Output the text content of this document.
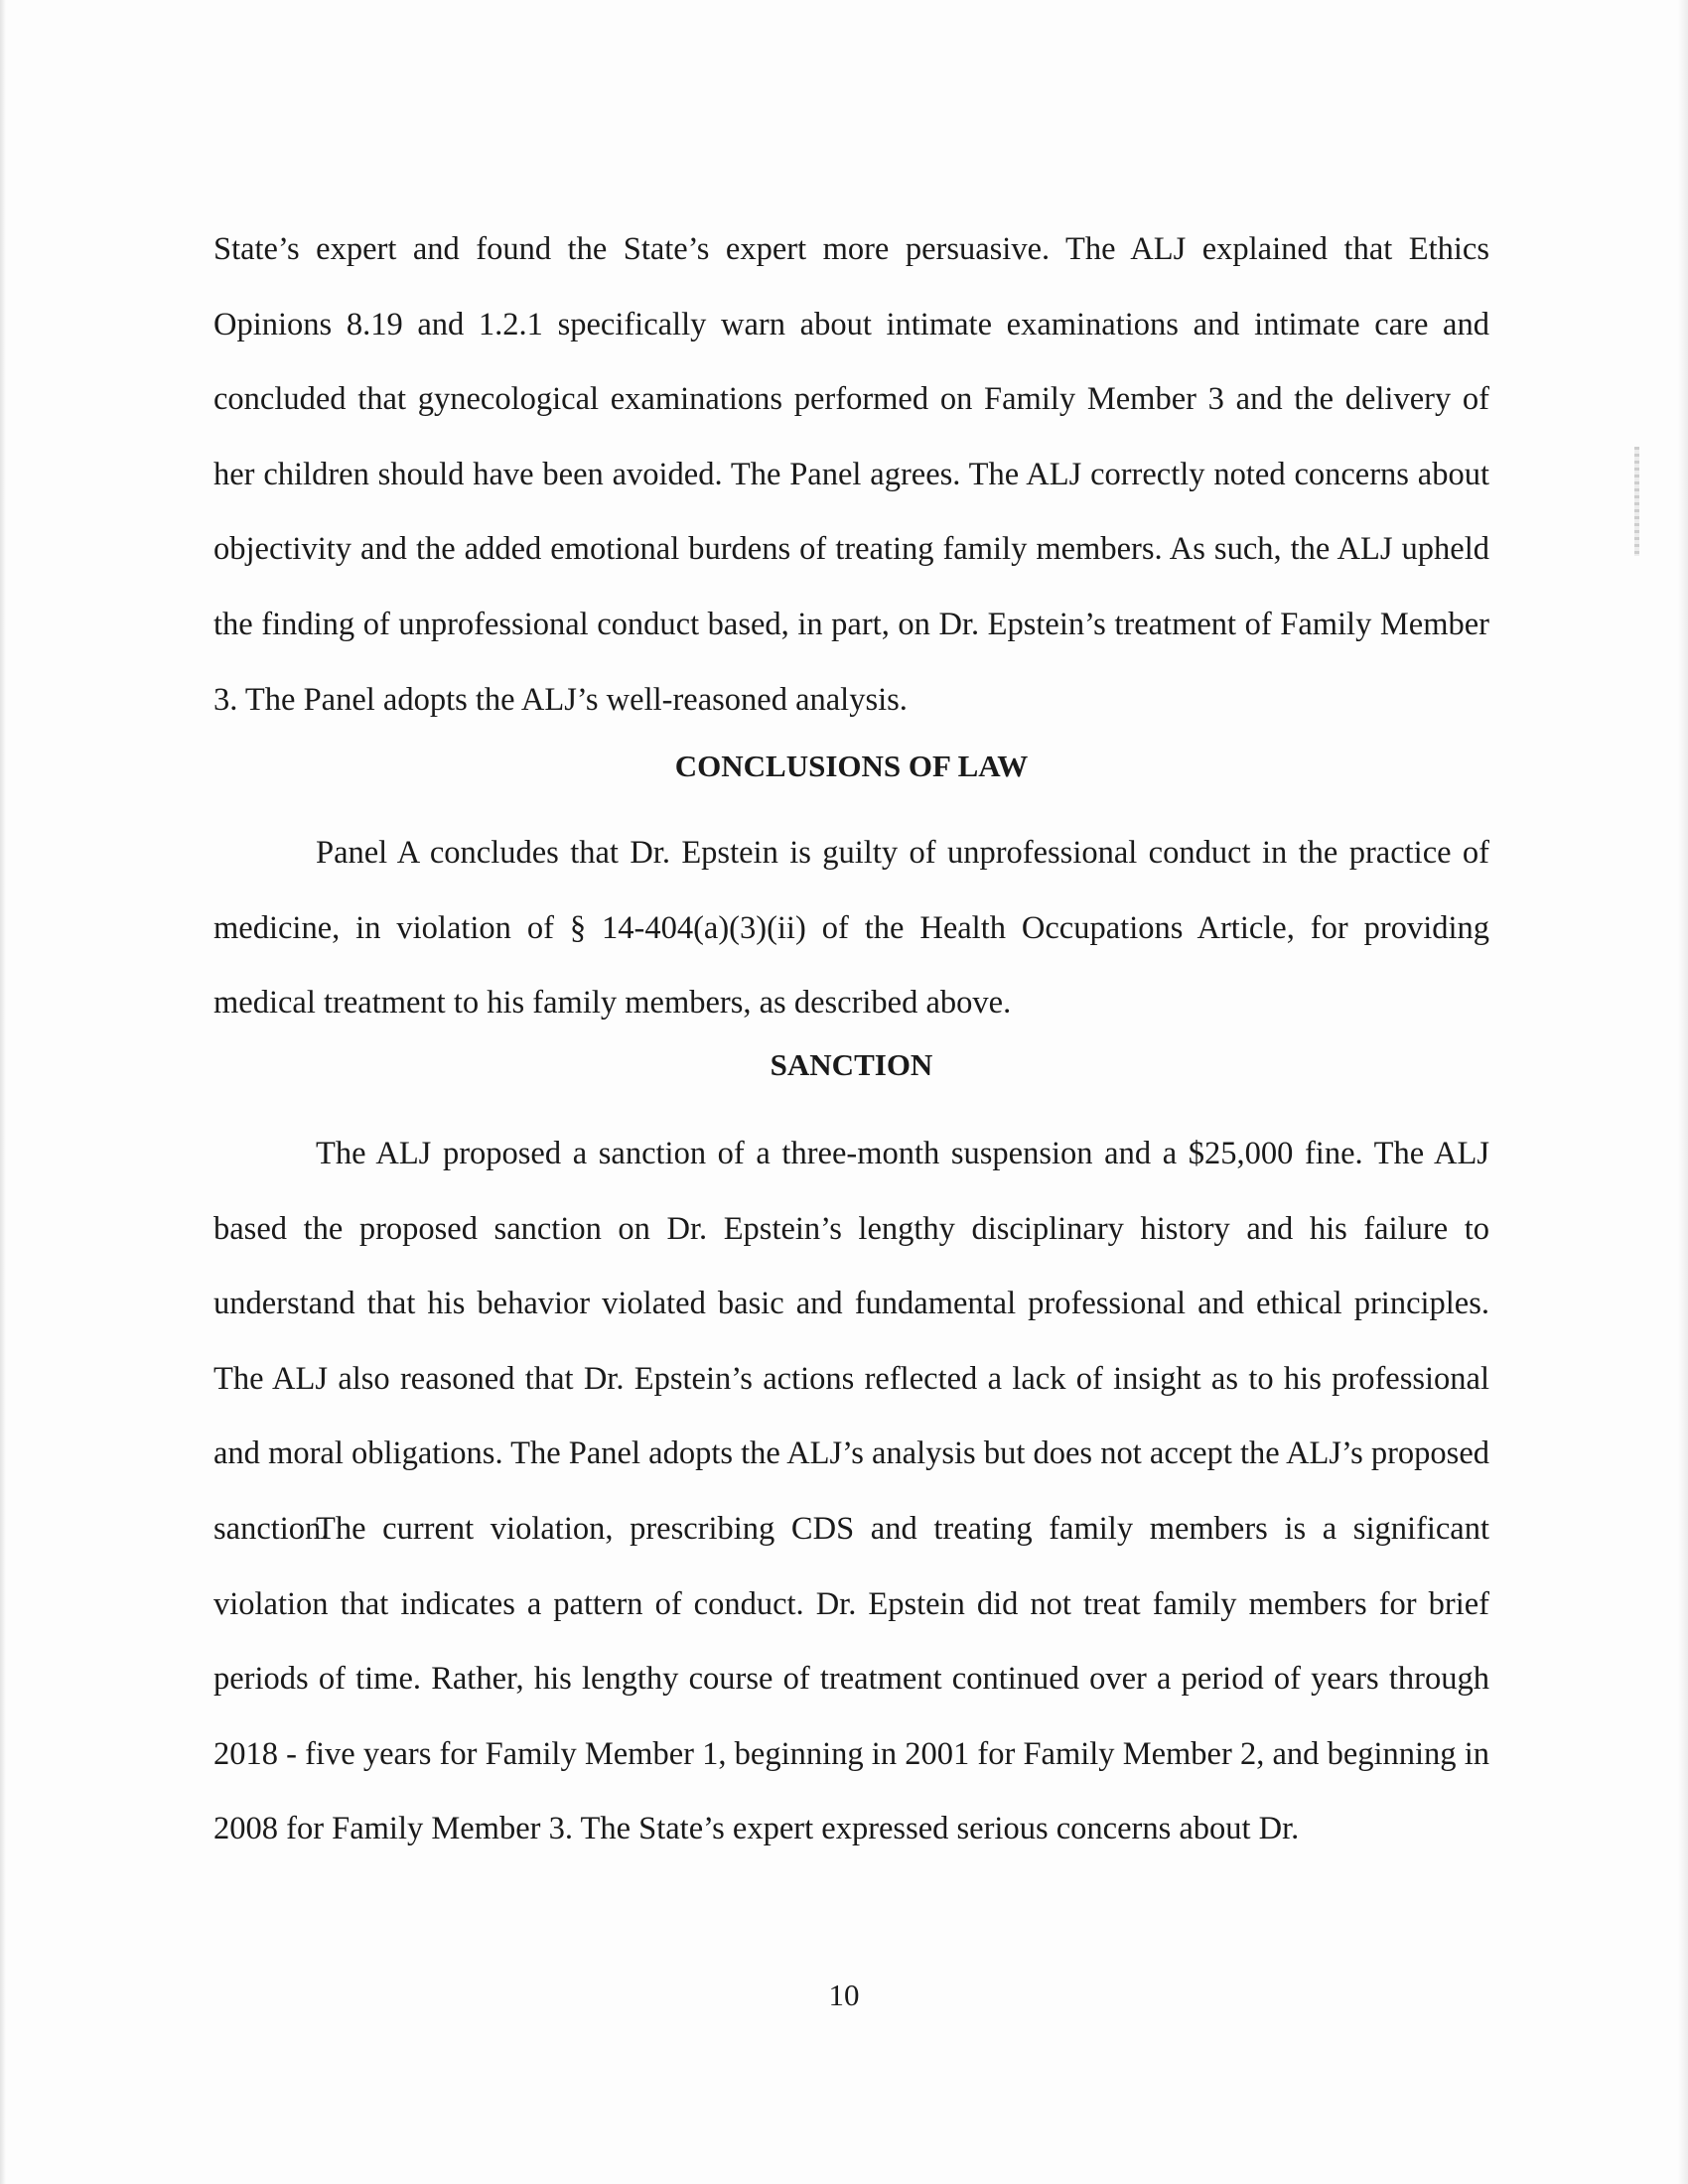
State’s expert and found the State’s expert more persuasive. The ALJ explained that Ethics Opinions 8.19 and 1.2.1 specifically warn about intimate examinations and intimate care and concluded that gynecological examinations performed on Family Member 3 and the delivery of her children should have been avoided. The Panel agrees. The ALJ correctly noted concerns about objectivity and the added emotional burdens of treating family members. As such, the ALJ upheld the finding of unprofessional conduct based, in part, on Dr. Epstein’s treatment of Family Member 3. The Panel adopts the ALJ’s well-reasoned analysis.

CONCLUSIONS OF LAW

Panel A concludes that Dr. Epstein is guilty of unprofessional conduct in the practice of medicine, in violation of § 14-404(a)(3)(ii) of the Health Occupations Article, for providing medical treatment to his family members, as described above.

SANCTION

The ALJ proposed a sanction of a three-month suspension and a $25,000 fine. The ALJ based the proposed sanction on Dr. Epstein’s lengthy disciplinary history and his failure to understand that his behavior violated basic and fundamental professional and ethical principles. The ALJ also reasoned that Dr. Epstein’s actions reflected a lack of insight as to his professional and moral obligations. The Panel adopts the ALJ’s analysis but does not accept the ALJ’s proposed sanction.

The current violation, prescribing CDS and treating family members is a significant violation that indicates a pattern of conduct. Dr. Epstein did not treat family members for brief periods of time. Rather, his lengthy course of treatment continued over a period of years through 2018 - five years for Family Member 1, beginning in 2001 for Family Member 2, and beginning in 2008 for Family Member 3. The State’s expert expressed serious concerns about Dr.

10
